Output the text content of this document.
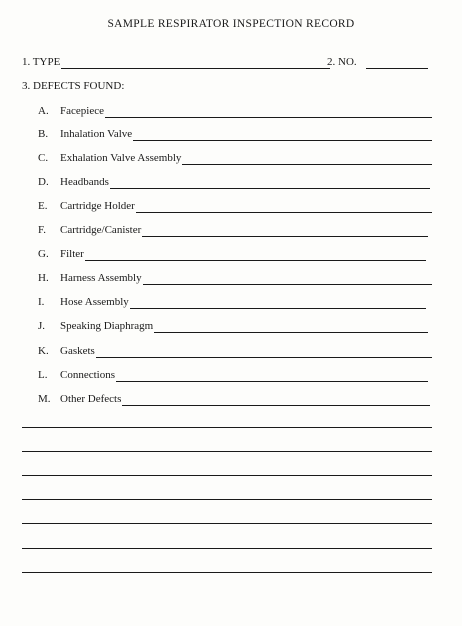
SAMPLE RESPIRATOR INSPECTION RECORD
1. TYPE	2. NO.
3. DEFECTS FOUND:
A. Facepiece
B. Inhalation Valve
C. Exhalation Valve Assembly
D. Headbands
E. Cartridge Holder
F. Cartridge/Canister
G. Filter
H. Harness Assembly
I. Hose Assembly
J. Speaking Diaphragm
K. Gaskets
L. Connections
M. Other Defects
